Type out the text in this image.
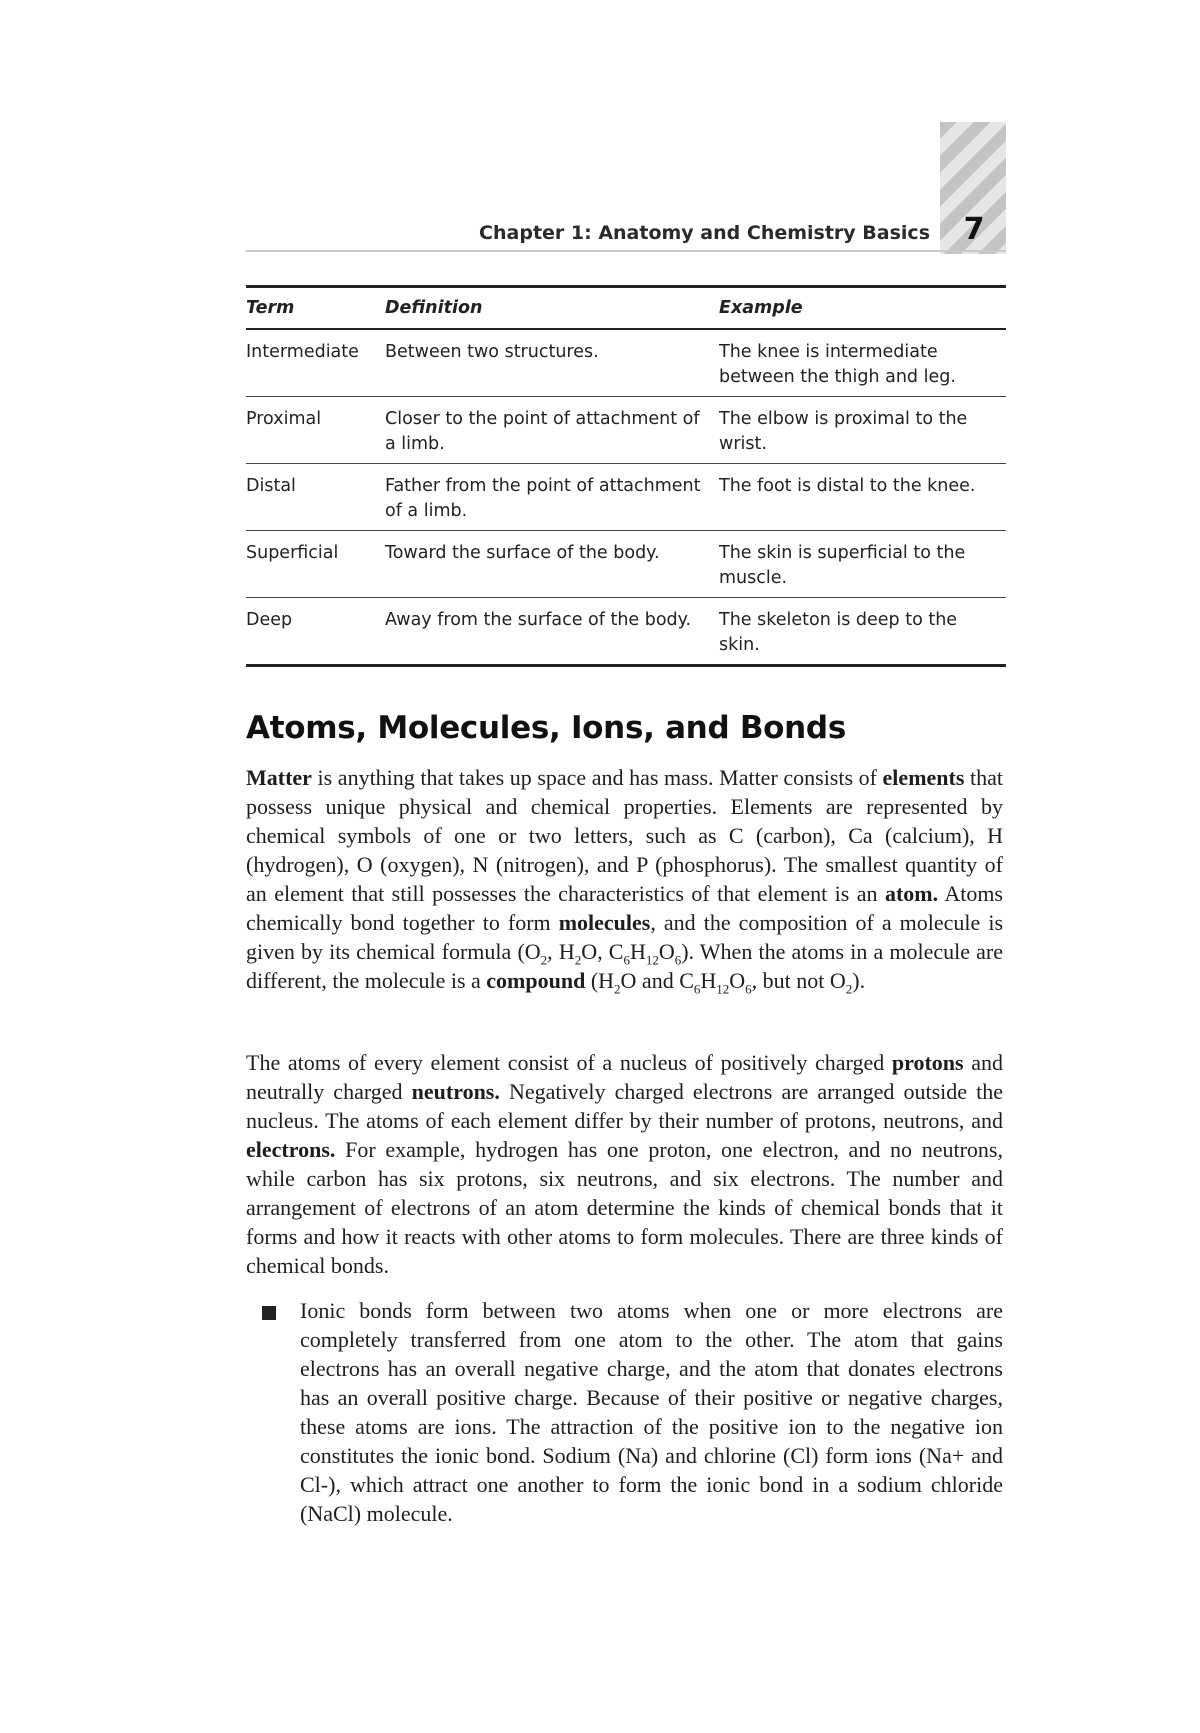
Chapter 1: Anatomy and Chemistry Basics	7
Term	Definition	Example
Intermediate	Between two structures.	The knee is intermediate between the thigh and leg.
Proximal	Closer to the point of attachment of a limb.	The elbow is proximal to the wrist.
Distal	Father from the point of attachment of a limb.	The foot is distal to the knee.
Superficial	Toward the surface of the body.	The skin is superficial to the muscle.
Deep	Away from the surface of the body.	The skeleton is deep to the skin.
Atoms, Molecules, Ions, and Bonds

Matter is anything that takes up space and has mass. Matter consists of elements that possess unique physical and chemical properties. Elements are represented by chemical symbols of one or two letters, such as C (carbon), Ca (calcium), H (hydrogen), O (oxygen), N (nitrogen), and P (phosphorus). The smallest quantity of an element that still possesses the characteristics of that element is an atom. Atoms chemically bond together to form molecules, and the composition of a molecule is given by its chemical formula ($O_2$, $H_2O$, $C_6H_{12}O_6$). When the atoms in a molecule are different, the molecule is a compound ($H_2O$ and $C_6H_{12}O_6$, but not $O_2$).

The atoms of every element consist of a nucleus of positively charged protons and neutrally charged neutrons. Negatively charged electrons are arranged outside the nucleus. The atoms of each element differ by their number of protons, neutrons, and electrons. For example, hydrogen has one proton, one electron, and no neutrons, while carbon has six protons, six neutrons, and six electrons. The number and arrangement of electrons of an atom determine the kinds of chemical bonds that it forms and how it reacts with other atoms to form molecules. There are three kinds of chemical bonds.

Ionic bonds form between two atoms when one or more electrons are completely transferred from one atom to the other. The atom that gains electrons has an overall negative charge, and the atom that donates electrons has an overall positive charge. Because of their positive or negative charges, these atoms are ions. The attraction of the positive ion to the negative ion constitutes the ionic bond. Sodium (Na) and chlorine (Cl) form ions (Na+ and Cl-), which attract one another to form the ionic bond in a sodium chloride (NaCl) molecule.
